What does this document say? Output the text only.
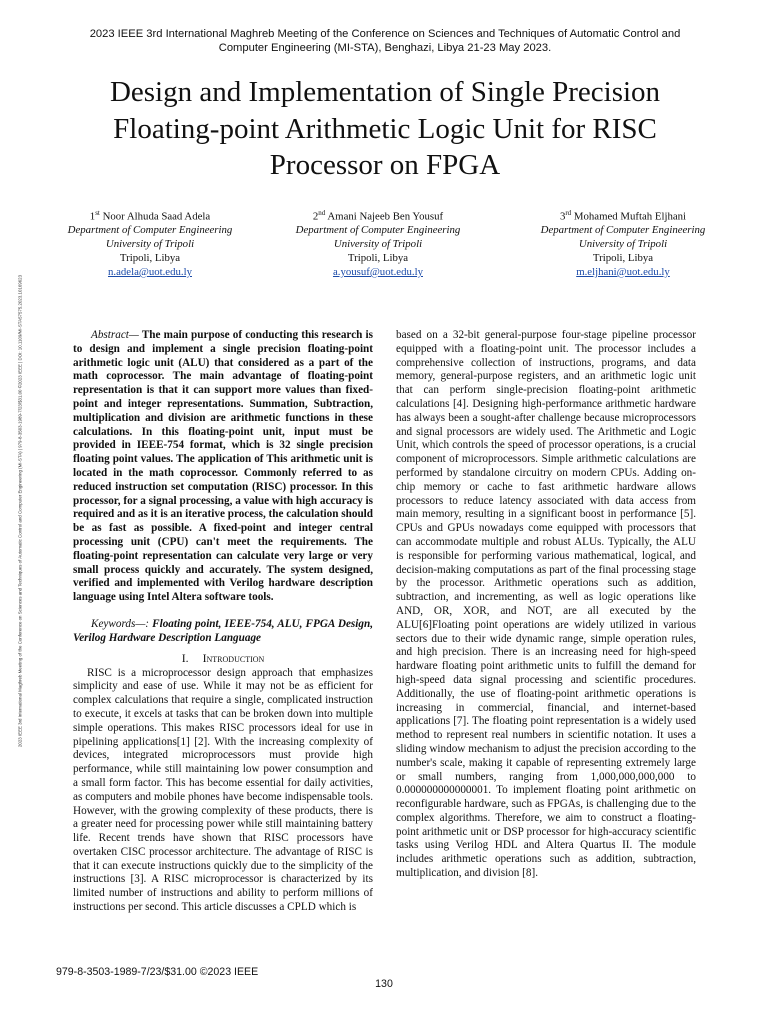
2023 IEEE 3rd International Maghreb Meeting of the Conference on Sciences and Techniques of Automatic Control and
Computer Engineering (MI-STA), Benghazi, Libya 21-23 May 2023.
Design and Implementation of Single Precision
Floating-point Arithmetic Logic Unit for RISC
Processor on FPGA
2023 IEEE 3rd International Maghreb Meeting of the Conference on Sciences and Techniques of Automatic Control and Computer Engineering (MI-STA) | 979-8-3503-1989-7/23/$31.00 ©2023 IEEE | DOI: 10.1109/MI-STA57575.2023.10169623
1st Noor Alhuda Saad Adela
Department of Computer Engineering
University of Tripoli
Tripoli, Libya
n.adela@uot.edu.ly
2nd Amani Najeeb Ben Yousuf
Department of Computer Engineering
University of Tripoli
Tripoli, Libya
a.yousuf@uot.edu.ly
3rd Mohamed Muftah Eljhani
Department of Computer Engineering
University of Tripoli
Tripoli, Libya
m.eljhani@uot.edu.ly

Abstract— The main purpose of conducting this research is to design and implement a single precision floating-point arithmetic logic unit (ALU) that considered as a part of the math coprocessor. The main advantage of floating-point representation is that it can support more values than fixed-point and integer representations. Summation, Subtraction, multiplication and division are arithmetic functions in these calculations. In this floating-point unit, input must be provided in IEEE-754 format, which is 32 single precision floating point values. The application of This arithmetic unit is located in the math coprocessor. Commonly referred to as reduced instruction set computation (RISC) processor. In this processor, for a signal processing, a value with high accuracy is required and as it is an iterative process, the calculation should be as fast as possible. A fixed-point and integer central processing unit (CPU) can't meet the requirements. The floating-point representation can calculate very large or very small process quickly and accurately. The system designed, verified and implemented with Verilog hardware description language using Intel Altera software tools.

Keywords—: Floating point, IEEE-754, ALU, FPGA Design, Verilog Hardware Description Language

I. Introduction

RISC is a microprocessor design approach that emphasizes simplicity and ease of use. While it may not be as efficient for complex calculations that require a single, complicated instruction to execute, it excels at tasks that can be broken down into multiple simple operations. This makes RISC processors ideal for use in pipelining applications[1] [2]. With the increasing complexity of devices, integrated microprocessors must provide high performance, while still maintaining low power consumption and a small form factor. This has become essential for daily activities, as computers and mobile phones have become indispensable tools. However, with the growing complexity of these products, there is a greater need for processing power while still maintaining battery life. Recent trends have shown that RISC processors have overtaken CISC processor architecture. The advantage of RISC is that it can execute instructions quickly due to the simplicity of the instructions [3]. A RISC microprocessor is characterized by its limited number of instructions and ability to perform millions of instructions per second. This article discusses a CPLD which is

based on a 32-bit general-purpose four-stage pipeline processor equipped with a floating-point unit. The processor includes a comprehensive collection of instructions, programs, and data memory, general-purpose registers, and an arithmetic logic unit that can perform single-precision floating-point arithmetic calculations [4]. Designing high-performance arithmetic hardware has always been a sought-after challenge because microprocessors and signal processors are widely used. The Arithmetic and Logic Unit, which controls the speed of processor operations, is a crucial component of microprocessors. Simple arithmetic calculations are performed by standalone circuitry on modern CPUs. Adding on-chip memory or cache to fast arithmetic hardware allows processors to reduce latency associated with data access from main memory, resulting in a significant boost in performance [5]. CPUs and GPUs nowadays come equipped with processors that can accommodate multiple and robust ALUs. Typically, the ALU is responsible for performing various mathematical, logical, and decision-making computations as part of the final processing stage by the processor. Arithmetic operations such as addition, subtraction, and incrementing, as well as logic operations like AND, OR, XOR, and NOT, are all executed by the ALU[6]Floating point operations are widely utilized in various sectors due to their wide dynamic range, simple operation rules, and high precision. There is an increasing need for high-speed hardware floating point arithmetic units to fulfill the demand for high-speed data signal processing and scientific procedures. Additionally, the use of floating-point arithmetic operations is increasing in commercial, financial, and internet-based applications [7]. The floating point representation is a widely used method to represent real numbers in scientific notation. It uses a sliding window mechanism to adjust the precision according to the number's scale, making it capable of representing extremely large or small numbers, ranging from 1,000,000,000,000 to 0.000000000000001. To implement floating point arithmetic on reconfigurable hardware, such as FPGAs, is challenging due to the complex algorithms. Therefore, we aim to construct a floating-point arithmetic unit or DSP processor for high-accuracy scientific tasks using Verilog HDL and Altera Quartus II. The module includes arithmetic operations such as addition, subtraction, multiplication, and division [8].

979-8-3503-1989-7/23/$31.00 ©2023 IEEE
130
